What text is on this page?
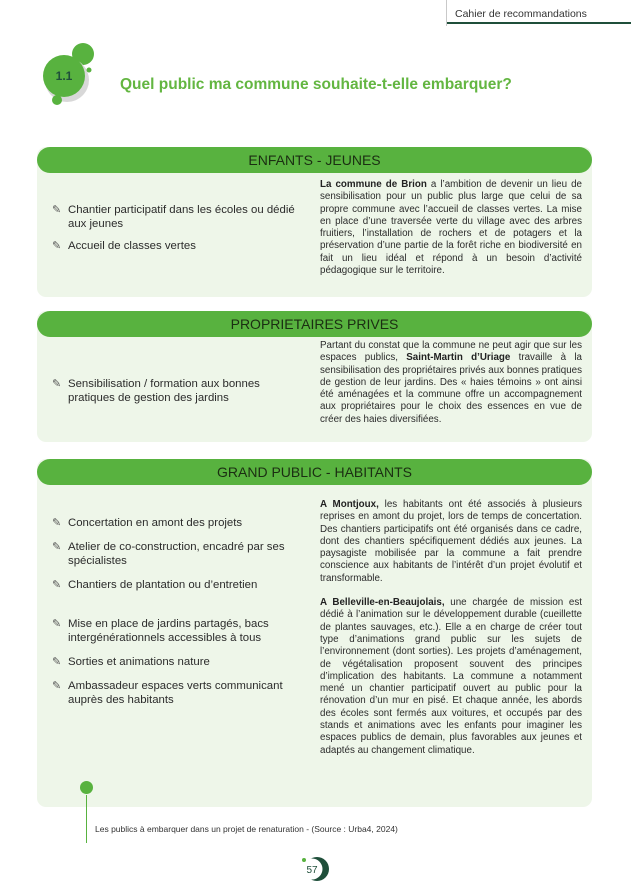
Cahier de recommandations
1.1	Quel public ma commune souhaite-t-elle embarquer?
ENFANTS - JEUNES
✎ Chantier participatif dans les écoles ou dédié aux jeunes
✎ Accueil de classes vertes

La commune de Brion a l’ambition de devenir un lieu de sensibilisation pour un public plus large que celui de sa propre commune avec l’accueil de classes vertes. La mise en place d’une traversée verte du village avec des arbres fruitiers, l’installation de rochers et de potagers et la préservation d’une partie de la forêt riche en biodiversité en fait un lieu idéal et répond à un besoin d’activité pédagogique sur le territoire.

PROPRIETAIRES PRIVES
✎ Sensibilisation / formation aux bonnes pratiques de gestion des jardins

Partant du constat que la commune ne peut agir que sur les espaces publics, Saint-Martin d’Uriage travaille à la sensibilisation des propriétaires privés aux bonnes pratiques de gestion de leur jardins. Des « haies témoins » ont ainsi été aménagées et la commune offre un accompagnement aux propriétaires pour le choix des essences en vue de créer des haies diversifiées.

GRAND PUBLIC - HABITANTS
✎ Concertation en amont des projets
✎ Atelier de co-construction, encadré par ses spécialistes
✎ Chantiers de plantation ou d’entretien
✎ Mise en place de jardins partagés, bacs intergénérationnels accessibles à tous
✎ Sorties et animations nature
✎ Ambassadeur espaces verts communicant auprès des habitants

A Montjoux, les habitants ont été associés à plusieurs reprises en amont du projet, lors de temps de concertation. Des chantiers participatifs ont été organisés dans ce cadre, dont des chantiers spécifiquement dédiés aux jeunes. La paysagiste mobilisée par la commune a fait prendre conscience aux habitants de l’intérêt d’un projet évolutif et transformable.

A Belleville-en-Beaujolais, une chargée de mission est dédié à l’animation sur le développement durable (cueillette de plantes sauvages, etc.). Elle a en charge de créer tout type d’animations grand public sur les sujets de l’environnement (dont sorties). Les projets d’aménagement, de végétalisation proposent souvent des principes d’implication des habitants. La commune a notamment mené un chantier participatif ouvert au public pour la rénovation d’un mur en pisé. Et chaque année, les abords des écoles sont fermés aux voitures, et occupés par des stands et animations avec les enfants pour imaginer les espaces publics de demain, plus favorables aux jeunes et adaptés au changement climatique.

Les publics à embarquer dans un projet de renaturation - (Source : Urba4, 2024)
57
